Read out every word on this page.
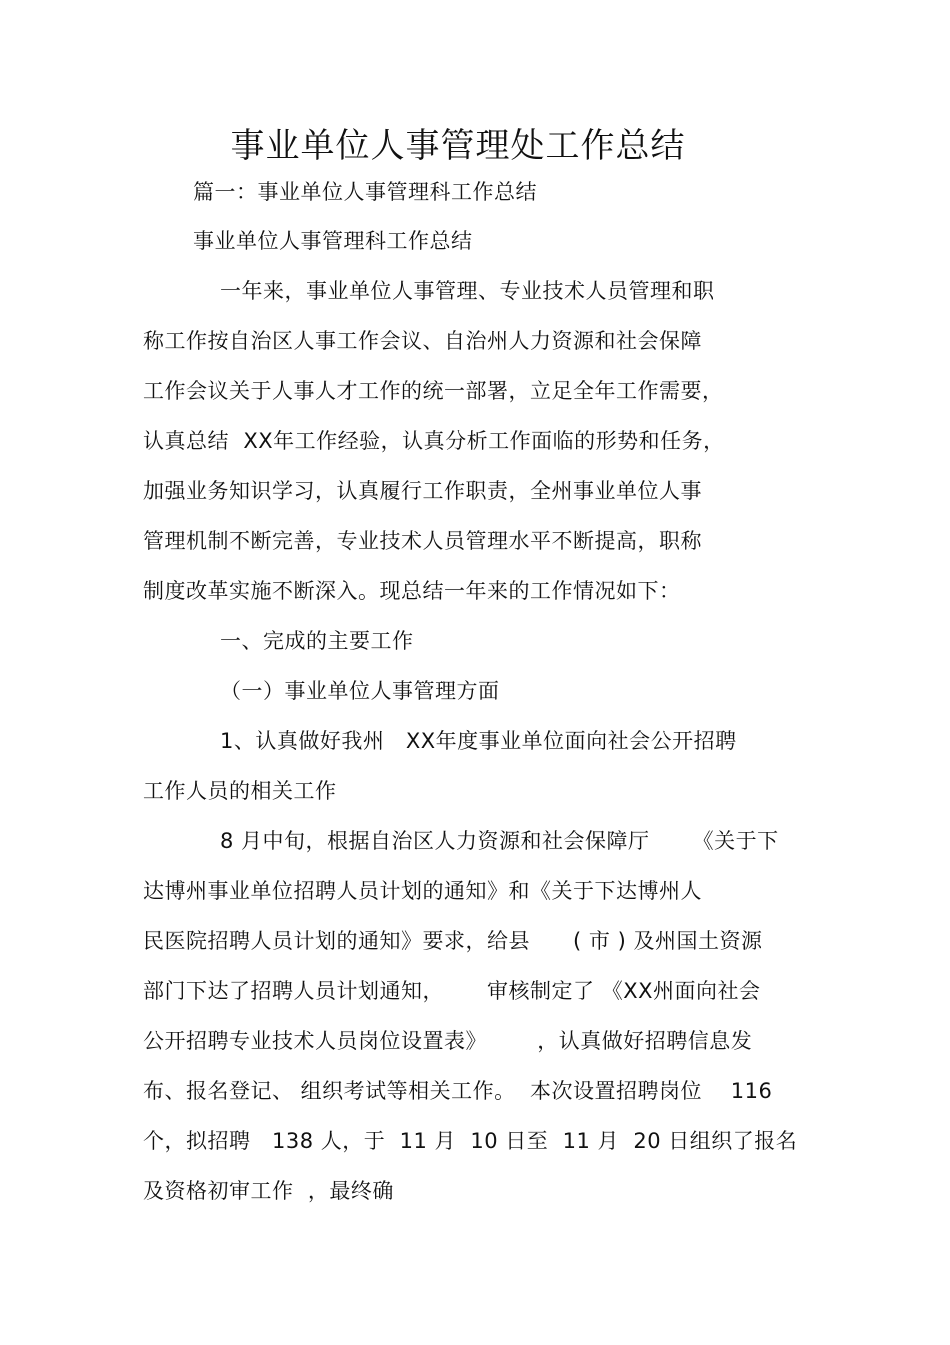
事业单位人事管理处工作总结
篇一：事业单位人事管理科工作总结
事业单位人事管理科工作总结
一年来，事业单位人事管理、专业技术人员管理和职
称工作按自治区人事工作会议、自治州人力资源和社会保障
工作会议关于人事人才工作的统一部署，立足全年工作需要，
认真总结  XX年工作经验，认真分析工作面临的形势和任务，
加强业务知识学习，认真履行工作职责，全州事业单位人事
管理机制不断完善，专业技术人员管理水平不断提高，职称
制度改革实施不断深入。现总结一年来的工作情况如下：
一、完成的主要工作
（一）事业单位人事管理方面
1、认真做好我州   XX年度事业单位面向社会公开招聘
工作人员的相关工作
8 月中旬，根据自治区人力资源和社会保障厅      《关于下
达博州事业单位招聘人员计划的通知》和《关于下达博州人
民医院招聘人员计划的通知》要求，给县      ( 市 ) 及州国土资源
部门下达了招聘人员计划通知，      审核制定了 《XX州面向社会
公开招聘专业技术人员岗位设置表》       ，认真做好招聘信息发
布、报名登记、 组织考试等相关工作。  本次设置招聘岗位    116
个，拟招聘   138 人，于  11 月  10 日至  11 月  20 日组织了报名
及资格初审工作  ，最终确
